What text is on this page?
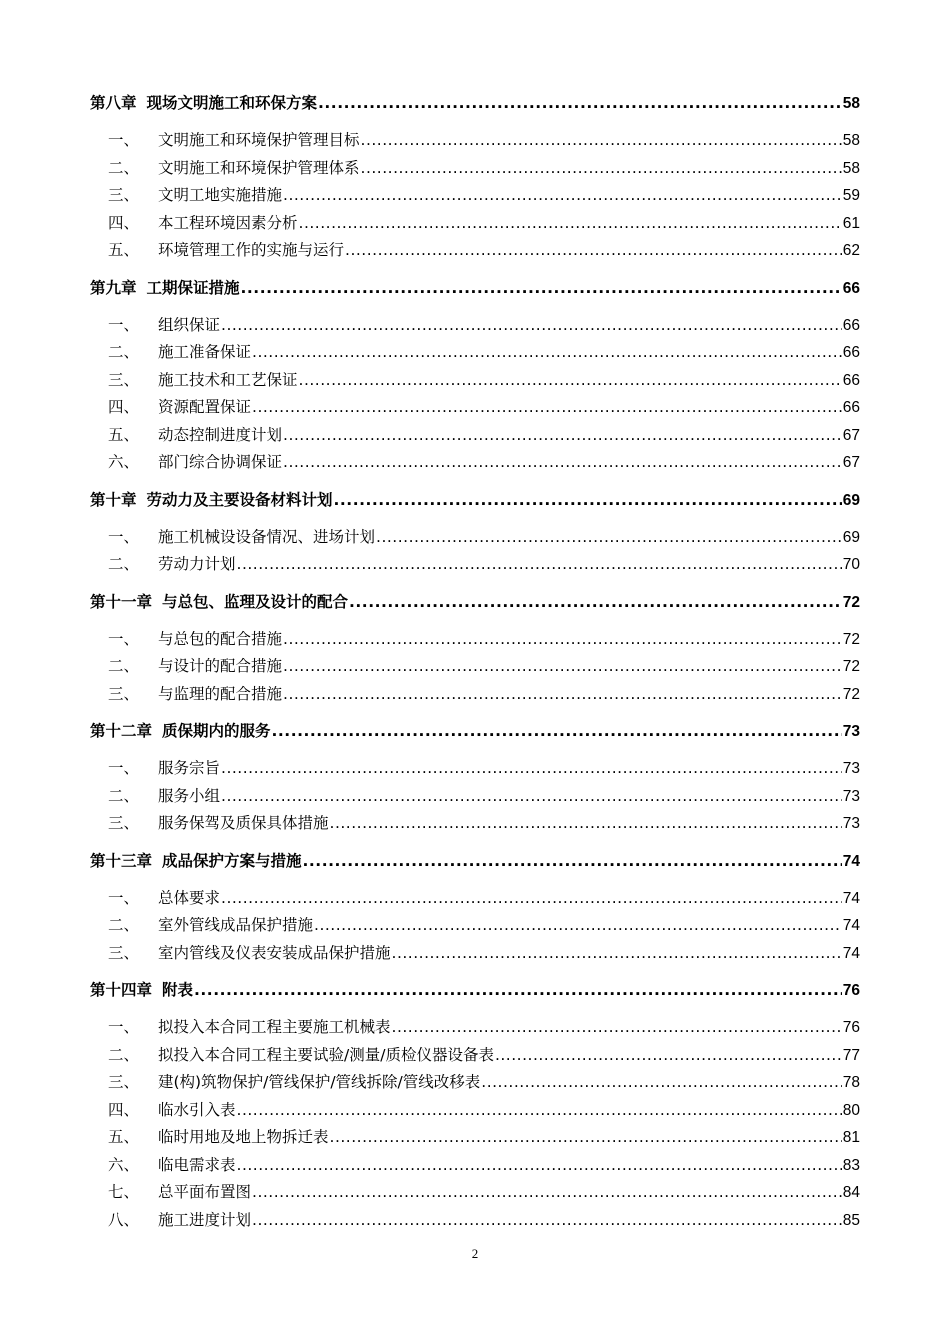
第八章 现场文明施工和环保方案 .....	58
一、	文明施工和环境保护管理目标 .....	58
二、	文明施工和环境保护管理体系 .....	58
三、	文明工地实施措施 .....	59
四、	本工程环境因素分析 .....	61
五、	环境管理工作的实施与运行 .....	62
第九章 工期保证措施 .....	66
一、	组织保证 .....	66
二、	施工准备保证 .....	66
三、	施工技术和工艺保证 .....	66
四、	资源配置保证 .....	66
五、	动态控制进度计划 .....	67
六、	部门综合协调保证 .....	67
第十章 劳动力及主要设备材料计划 .....	69
一、	施工机械设设备情况、进场计划 .....	69
二、	劳动力计划 .....	70
第十一章 与总包、监理及设计的配合 .....	72
一、	与总包的配合措施 .....	72
二、	与设计的配合措施 .....	72
三、	与监理的配合措施 .....	72
第十二章 质保期内的服务 .....	73
一、	服务宗旨 .....	73
二、	服务小组 .....	73
三、	服务保驾及质保具体措施 .....	73
第十三章 成品保护方案与措施 .....	74
一、	总体要求 .....	74
二、	室外管线成品保护措施 .....	74
三、	室内管线及仪表安装成品保护措施 .....	74
第十四章 附表 .....	76
一、	拟投入本合同工程主要施工机械表 .....	76
二、	拟投入本合同工程主要试验/测量/质检仪器设备表 .....	77
三、	建(构)筑物保护/管线保护/管线拆除/管线改移表 .....	78
四、	临水引入表 .....	80
五、	临时用地及地上物拆迁表 .....	81
六、	临电需求表 .....	83
七、	总平面布置图 .....	84
八、	施工进度计划 .....	85
2
